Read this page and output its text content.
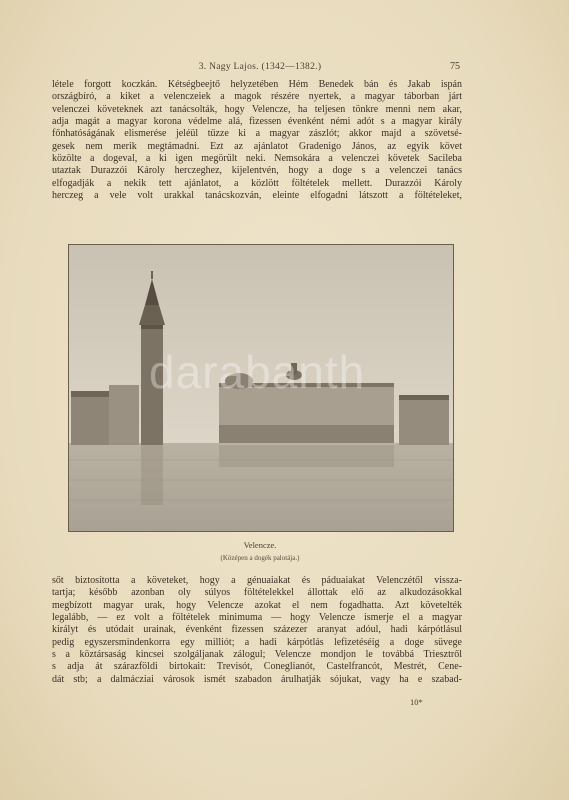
3. Nagy Lajos. (1342—1382.)	75
létele forgott koczkán. Kétségbeejtő helyzetében Hém Benedek bán és Jakab ispán
országbíró, a kiket a velenczeiek a magok részére nyertek, a magyar táborban járt
velenczei követeknek azt tanácsolták, hogy Velencze, ha teljesen tönkre menni nem akar,
adja magát a magyar korona védelme alá, fizessen évenként némi adót s a magyar király
főnhatóságának elismerése jeléül tűzze ki a magyar zászlót; akkor majd a szövetsé-
gesek nem merik megtámadni. Ezt az ajánlatot Gradenigo János, az egyik követ
közölte a dogeval, a ki igen megörült neki. Nemsokára a velenczei követek Sacileba
utaztak Durazzói Károly herczeghez, kijelentvén, hogy a doge s a velenczei tanács
elfogadják a nekik tett ajánlatot, a közlött föltételek mellett. Durazzói Károly
herczeg a vele volt urakkal tanácskozván, eleinte elfogadni látszott a föltételeket,
darabanth
Velencze.
(Középen a dogék palotája.)
sőt biztosította a követeket, hogy a génuaiakat és páduaiakat Velenczétől vissza-
tartja; később azonban oly súlyos föltételekkel állottak elő az alkudozásokkal
megbízott magyar urak, hogy Velencze azokat el nem fogadhatta. Azt követelték
legalább, — ez volt a föltételek minimuma — hogy Velencze ismerje el a magyar
királyt és utódait urainak, évenként fizessen százezer aranyat adóul, hadi kárpótlásul
pedig egyszersmindenkorra egy milliót; a hadi kárpótlás lefizetéséig a doge süvege
s a köztársaság kincsei szolgáljanak zálogul; Velencze mondjon le továbbá Triesztről
s adja át szárazföldi birtokait: Trevisót, Coneglianót, Castelfrancót, Mestrét, Cene-
dát stb; a dalmácziai városok ismét szabadon árulhatják sójukat, vagy ha e szabad-
10*
